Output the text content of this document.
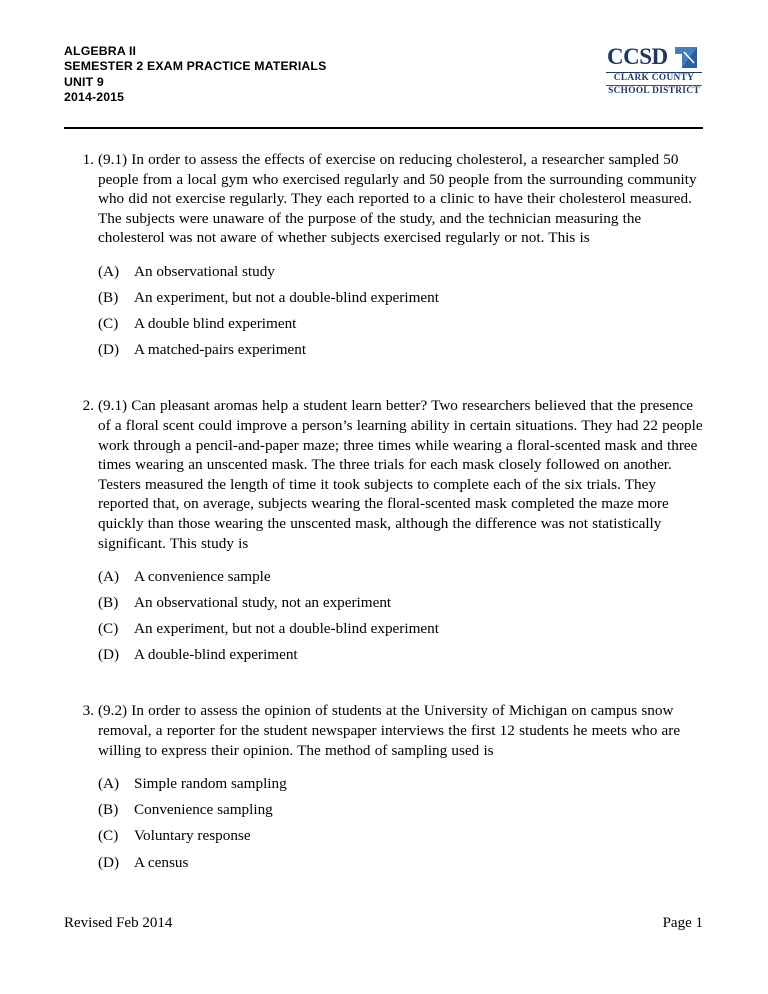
ALGEBRA II
SEMESTER 2 EXAM PRACTICE MATERIALS
UNIT 9
2014-2015
CCSD
CLARK COUNTY
SCHOOL DISTRICT
1. (9.1) In order to assess the effects of exercise on reducing cholesterol, a researcher sampled 50 people from a local gym who exercised regularly and 50 people from the surrounding community who did not exercise regularly. They each reported to a clinic to have their cholesterol measured. The subjects were unaware of the purpose of the study, and the technician measuring the cholesterol was not aware of whether subjects exercised regularly or not. This is
(A) An observational study
(B)	An experiment, but not a double-blind experiment
(C)	A double blind experiment
(D) A matched-pairs experiment
2. (9.1) Can pleasant aromas help a student learn better? Two researchers believed that the presence of a floral scent could improve a person’s learning ability in certain situations. They had 22 people work through a pencil-and-paper maze; three times while wearing a floral-scented mask and three times wearing an unscented mask. The three trials for each mask closely followed on another. Testers measured the length of time it took subjects to complete each of the six trials. They reported that, on average, subjects wearing the floral-scented mask completed the maze more quickly than those wearing the unscented mask, although the difference was not statistically significant. This study is
(A) A convenience sample
(B)	An observational study, not an experiment
(C)	An experiment, but not a double-blind experiment
(D) A double-blind experiment
3. (9.2) In order to assess the opinion of students at the University of Michigan on campus snow removal, a reporter for the student newspaper interviews the first 12 students he meets who are willing to express their opinion. The method of sampling used is
(A) Simple random sampling
(B)	Convenience sampling
(C)	Voluntary response
(D) A census
Revised Feb 2014	Page 1
